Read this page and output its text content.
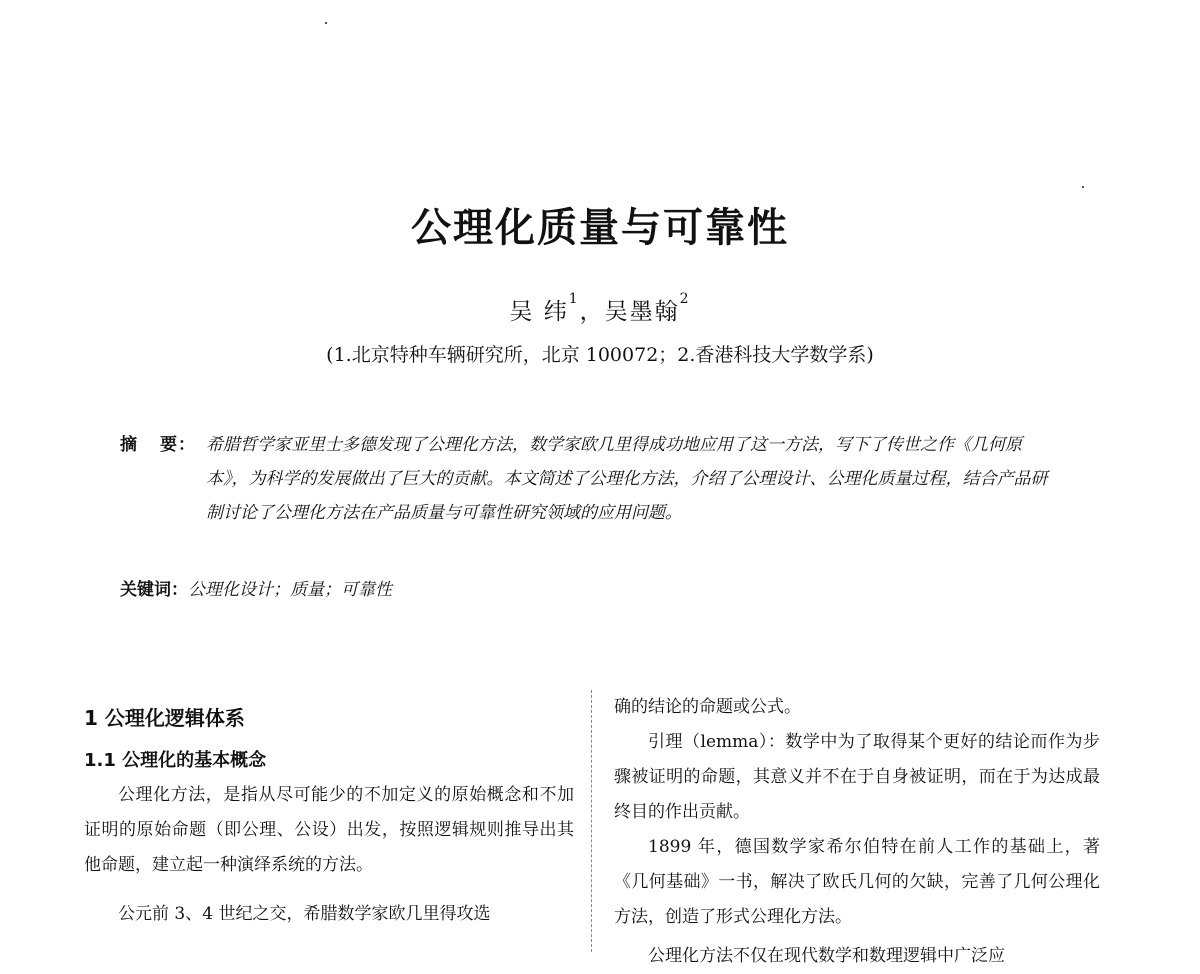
公理化质量与可靠性
吴 纬$^1$，吴墨翰$^2$
(1.北京特种车辆研究所，北京 100072；2.香港科技大学数学系)
摘 要： 希腊哲学家亚里士多德发现了公理化方法，数学家欧几里得成功地应用了这一方法，写下了传世之作《几何原本》，为科学的发展做出了巨大的贡献。本文简述了公理化方法，介绍了公理设计、公理化质量过程，结合产品研制讨论了公理化方法在产品质量与可靠性研究领域的应用问题。
关键词： 公理化设计；质量；可靠性
1 公理化逻辑体系
1.1 公理化的基本概念

公理化方法，是指从尽可能少的不加定义的原始概念和不加证明的原始命题（即公理、公设）出发，按照逻辑规则推导出其他命题，建立起一种演绎系统的方法。

公元前 3、4 世纪之交，希腊数学家欧几里得攻选

确的结论的命题或公式。

引理（lemma）：数学中为了取得某个更好的结论而作为步骤被证明的命题，其意义并不在于自身被证明，而在于为达成最终目的作出贡献。

1899 年，德国数学家希尔伯特在前人工作的基础上，著《几何基础》一书，解决了欧氏几何的欠缺，完善了几何公理化方法，创造了形式公理化方法。

公理化方法不仅在现代数学和数理逻辑中广泛应
